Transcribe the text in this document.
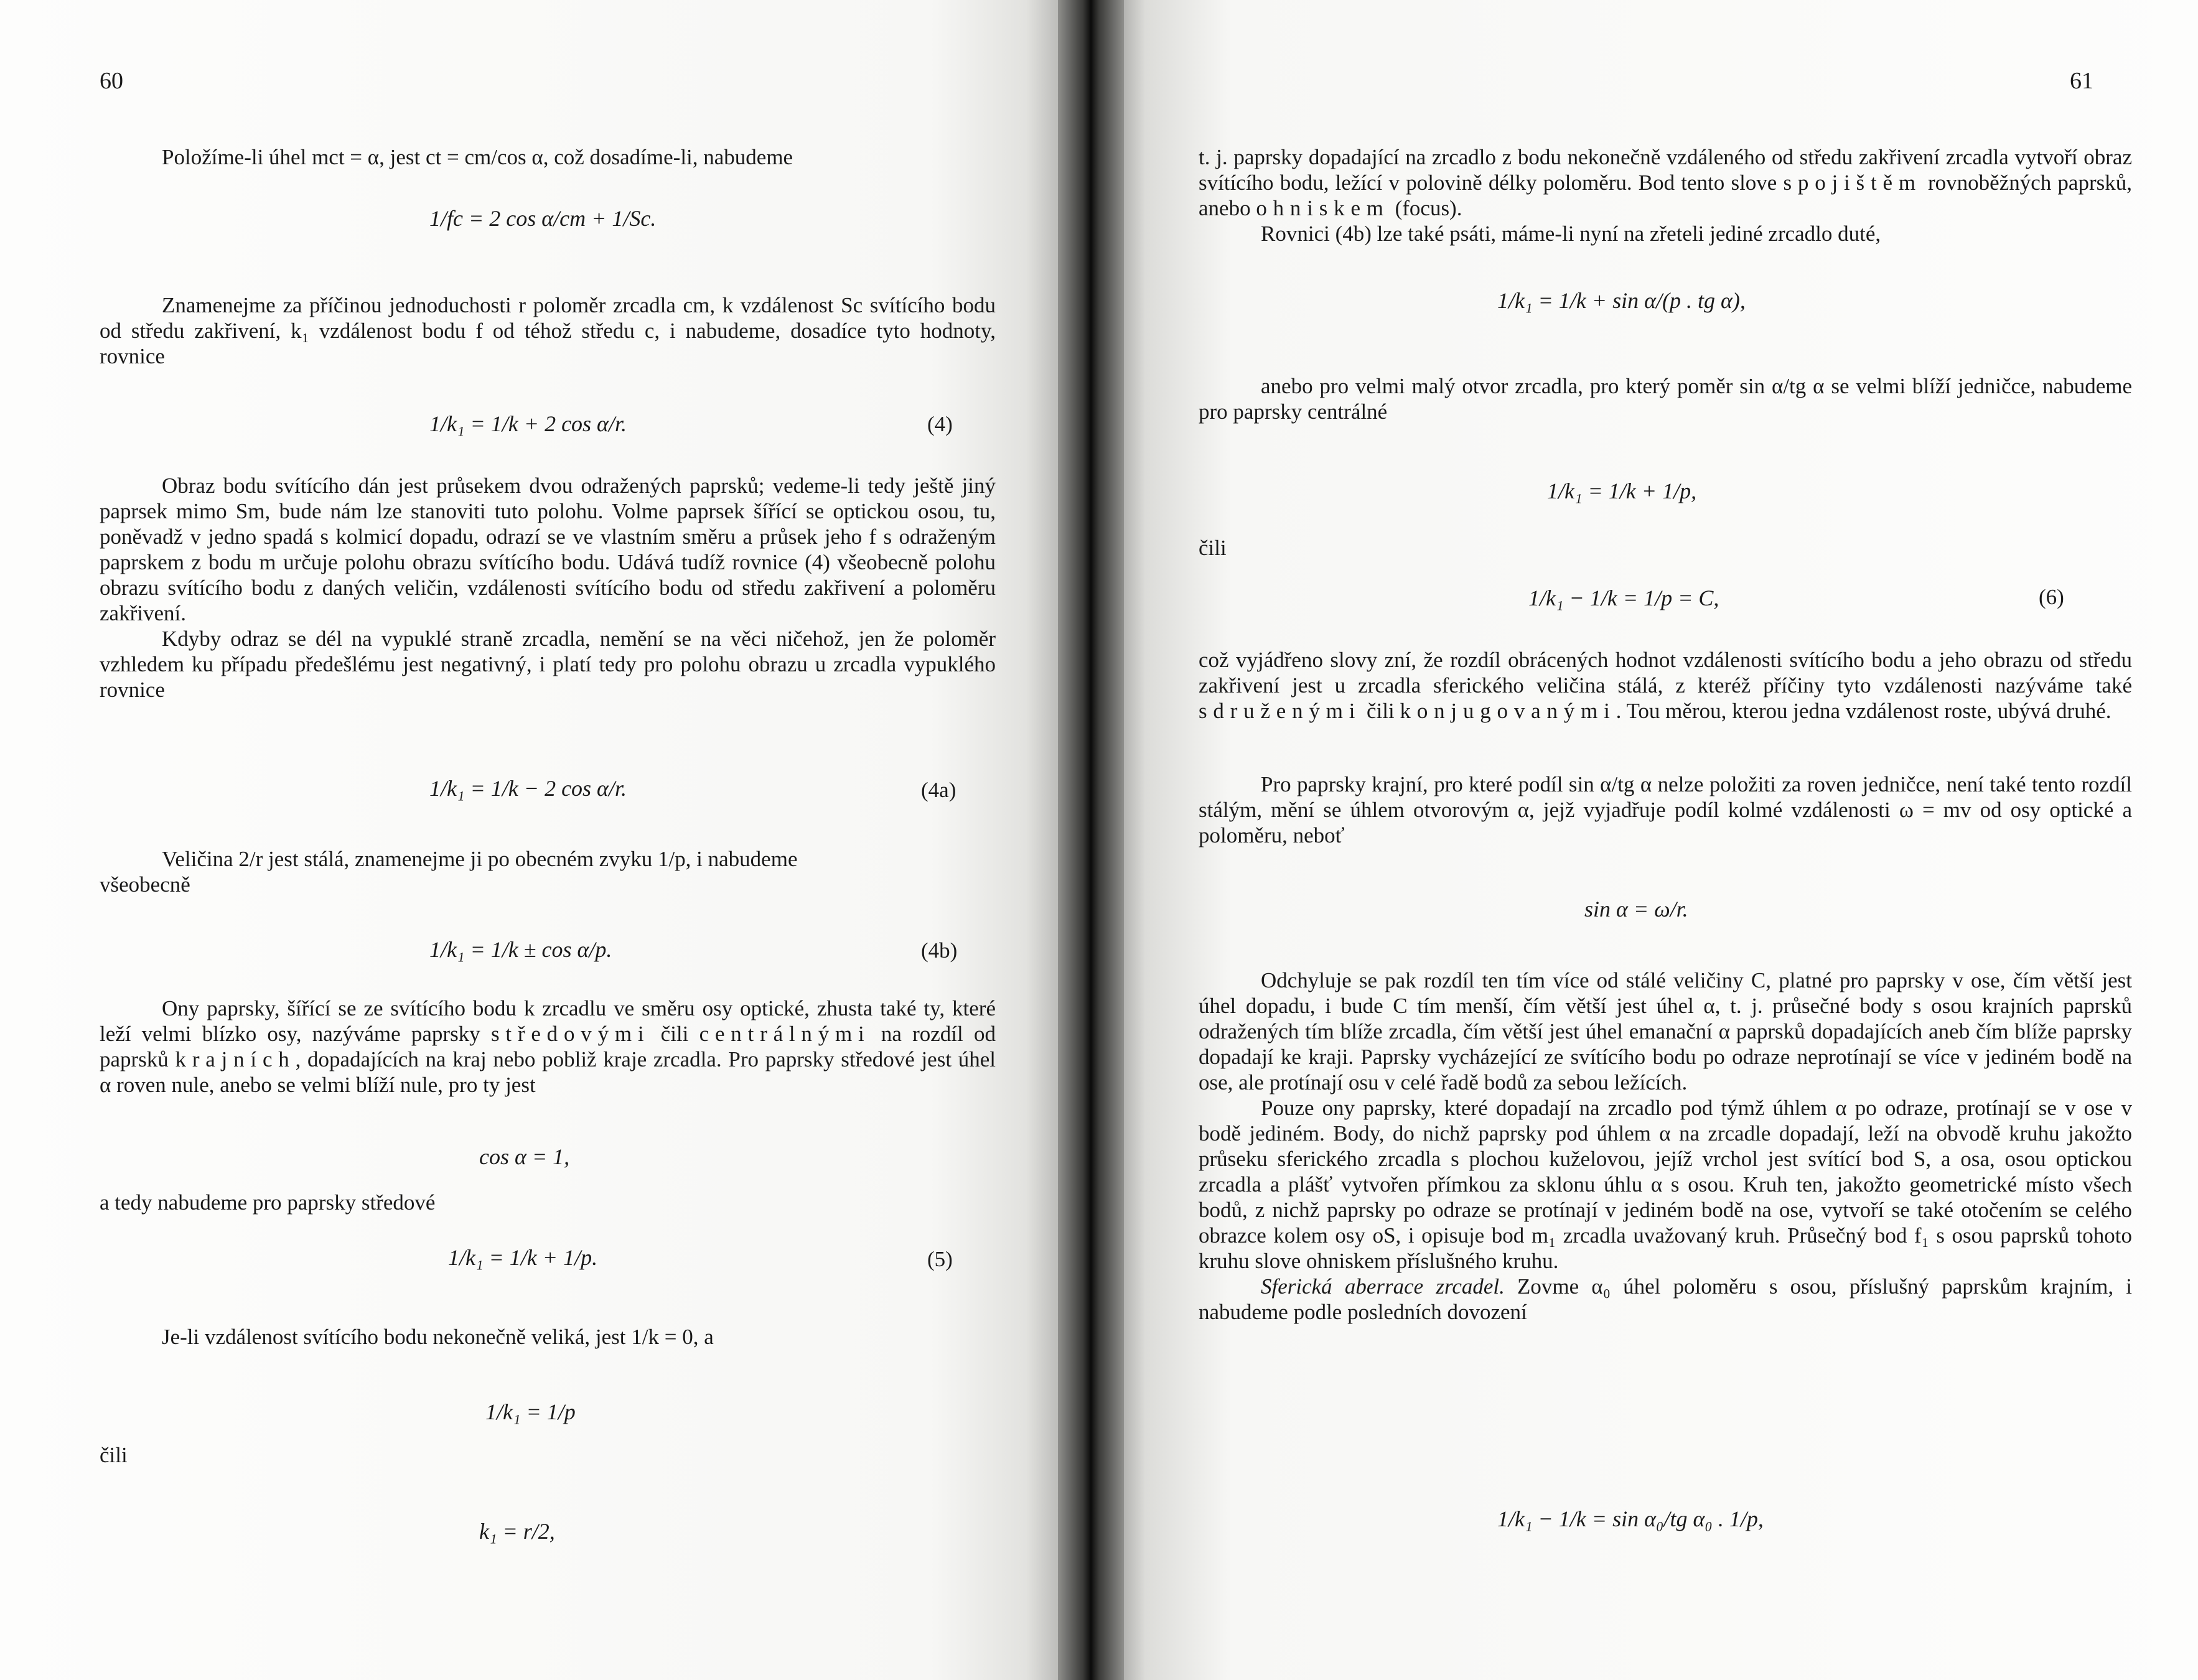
60

Položíme-li úhel mct = α, jest ct = cm/cos α, což dosadíme-li, nabudeme

1/fc = 2 cos α/cm + 1/Sc.

Znamenejme za příčinou jednoduchosti r poloměr zrcadla cm, k vzdálenost Sc svítícího bodu od středu zakřivení, k₁ vzdálenost bodu f od téhož středu c, i nabudeme, dosadíce tyto hodnoty, rovnice

1/k₁ = 1/k + 2 cos α/r.	(4)

Obraz bodu svítícího dán jest průsekem dvou odražených paprsků; vedeme-li tedy ještě jiný paprsek mimo Sm, bude nám lze stanoviti tuto polohu. Volme paprsek šířící se optickou osou, tu, poněvadž v jedno spadá s kolmicí dopadu, odrazí se ve vlastním směru a průsek jeho f s odraženým paprskem z bodu m určuje polohu obrazu svítícího bodu. Udává tudíž rovnice (4) všeobecně polohu obrazu svítícího bodu z daných veličin, vzdálenosti svítícího bodu od středu zakřivení a poloměru zakřivení.

Kdyby odraz se dél na vypuklé straně zrcadla, nemění se na věci ničehož, jen že poloměr vzhledem ku případu předešlému jest negativný, i platí tedy pro polohu obrazu u zrcadla vypuklého rovnice

1/k₁ = 1/k − 2 cos α/r.	(4a)

Veličina 2/r jest stálá, znamenejme ji po obecném zvyku 1/p, i nabudeme

všeobecně

1/k₁ = 1/k ± cos α/p.	(4b)

Ony paprsky, šířící se ze svítícího bodu k zrcadlu ve směru osy optické, zhusta také ty, které leží velmi blízko osy, nazýváme paprsky středovými čili centrálnými na rozdíl od paprsků krajních, dopadajících na kraj nebo pobliž kraje zrcadla. Pro paprsky středové jest úhel α roven nule, anebo se velmi blíží nule, pro ty jest

cos α = 1,

a tedy nabudeme pro paprsky středové

1/k₁ = 1/k + 1/p.	(5)

Je-li vzdálenost svítícího bodu nekonečně veliká, jest 1/k = 0, a

1/k₁ = 1/p

čili

k₁ = r/2,
61

t. j. paprsky dopadající na zrcadlo z bodu nekonečně vzdáleného od středu zakřivení zrcadla vytvoří obraz svítícího bodu, ležící v polovině délky poloměru. Bod tento slove spojištěm rovnoběžných paprsků, anebo ohniskem (focus).

Rovnici (4b) lze také psáti, máme-li nyní na zřeteli jediné zrcadlo duté,

1/k₁ = 1/k + sin α/(p . tg α),

anebo pro velmi malý otvor zrcadla, pro který poměr sin α/tg α se velmi blíží jedničce, nabudeme pro paprsky centrálné

1/k₁ = 1/k + 1/p,

čili

1/k₁ − 1/k = 1/p = C,	(6)

což vyjádřeno slovy zní, že rozdíl obrácených hodnot vzdálenosti svítícího bodu a jeho obrazu od středu zakřivení jest u zrcadla sferického veličina stálá, z kteréž příčiny tyto vzdálenosti nazýváme také sdruženými čili konjugovanými. Tou měrou, kterou jedna vzdálenost roste, ubývá druhé.

Pro paprsky krajní, pro které podíl sin α/tg α nelze položiti za roven jedničce, není také tento rozdíl stálým, mění se úhlem otvorovým α, jejž vyjadřuje podíl kolmé vzdálenosti ω = mv od osy optické a poloměru, neboť

sin α = ω/r.

Odchyluje se pak rozdíl ten tím více od stálé veličiny C, platné pro paprsky v ose, čím větší jest úhel dopadu, i bude C tím menší, čím větší jest úhel α, t. j. průsečné body s osou krajních paprsků odražených tím blíže zrcadla, čím větší jest úhel emanační α paprsků dopadajících aneb čím blíže paprsky dopadají ke kraji. Paprsky vycházející ze svítícího bodu po odraze neprotínají se více v jediném bodě na ose, ale protínají osu v celé řadě bodů za sebou ležících.

Pouze ony paprsky, které dopadají na zrcadlo pod týmž úhlem α po odraze, protínají se v ose v bodě jediném. Body, do nichž paprsky pod úhlem α na zrcadle dopadají, leží na obvodě kruhu jakožto průseku sferického zrcadla s plochou kuželovou, jejíž vrchol jest svítící bod S, a osa, osou optickou zrcadla a plášť vytvořen přímkou za sklonu úhlu α s osou. Kruh ten, jakožto geometrické místo všech bodů, z nichž paprsky po odraze se protínají v jediném bodě na ose, vytvoří se také otočením se celého obrazce kolem osy oS, i opisuje bod m₁ zrcadla uvažovaný kruh. Průsečný bod f₁ s osou paprsků tohoto kruhu slove ohniskem příslušného kruhu.

Sferická aberrace zrcadel. Zovme α₀ úhel poloměru s osou, příslušný paprskům krajním, i nabudeme podle posledních dovození

1/k₁ − 1/k = sin α₀/tg α₀ . 1/p,
